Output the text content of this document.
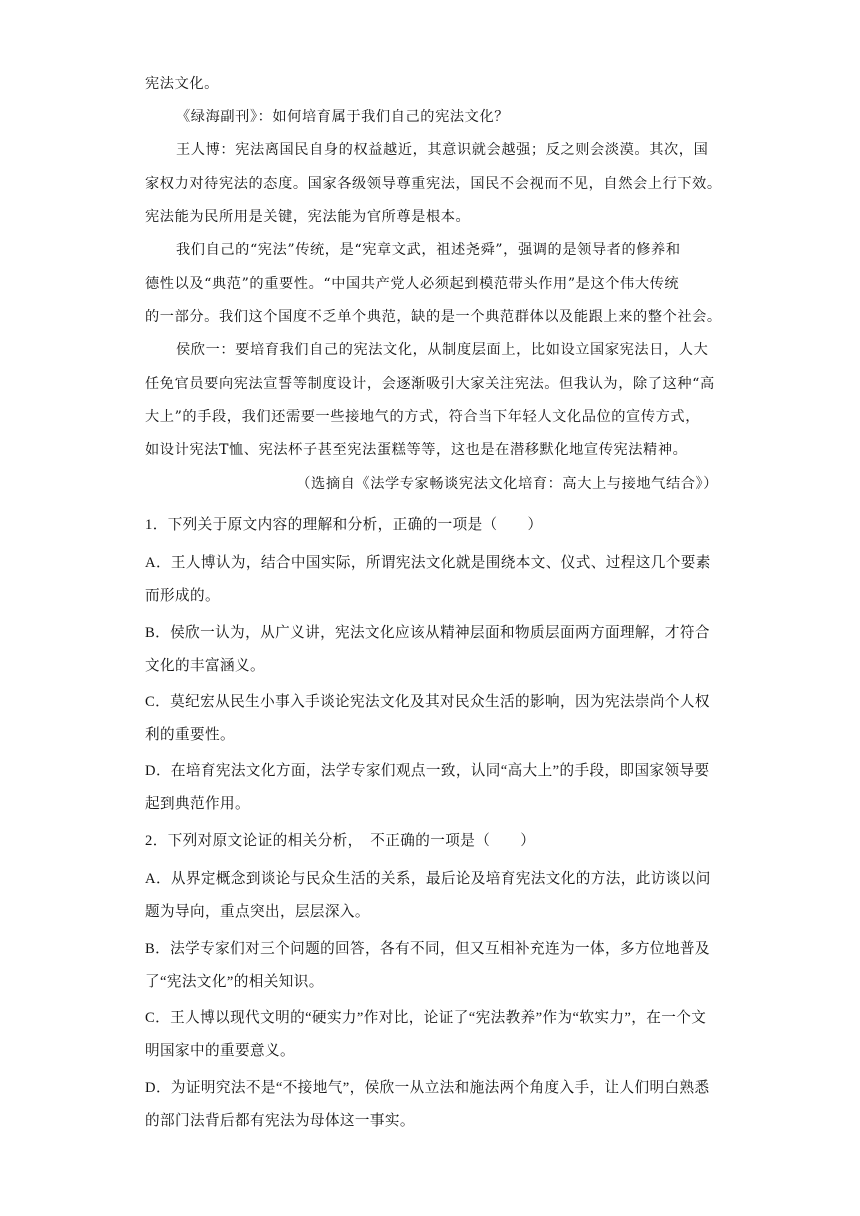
宪法文化。
《绿海副刊》：如何培育属于我们自己的宪法文化？
王人博：宪法离国民自身的权益越近，其意识就会越强；反之则会淡漠。其次，国
家权力对待宪法的态度。国家各级领导尊重宪法，国民不会视而不见，自然会上行下效。
宪法能为民所用是关键，宪法能为官所尊是根本。
我们自己的“宪法”传统，是“宪章文武，祖述尧舜”，强调的是领导者的修养和
德性以及“典范”的重要性。“中国共产党人必须起到模范带头作用”是这个伟大传统
的一部分。我们这个国度不乏单个典范，缺的是一个典范群体以及能跟上来的整个社会。
侯欣一：要培育我们自己的宪法文化，从制度层面上，比如设立国家宪法日，人大
任免官员要向宪法宣誓等制度设计，会逐渐吸引大家关注宪法。但我认为，除了这种“高
大上”的手段，我们还需要一些接地气的方式，符合当下年轻人文化品位的宣传方式，
如设计宪法T恤、宪法杯子甚至宪法蛋糕等等，这也是在潜移默化地宣传宪法精神。
（选摘自《法学专家畅谈宪法文化培育：高大上与接地气结合》）
1．下列关于原文内容的理解和分析，正确的一项是（　　）
A．王人博认为，结合中国实际，所谓宪法文化就是围绕本文、仪式、过程这几个要素
而形成的。
B．侯欣一认为，从广义讲，宪法文化应该从精神层面和物质层面两方面理解，才符合
文化的丰富涵义。
C．莫纪宏从民生小事入手谈论宪法文化及其对民众生活的影响，因为宪法崇尚个人权
利的重要性。
D．在培育宪法文化方面，法学专家们观点一致，认同“高大上”的手段，即国家领导要
起到典范作用。
2．下列对原文论证的相关分析，　不正确的一项是（　　）
A．从界定概念到谈论与民众生活的关系，最后论及培育宪法文化的方法，此访谈以问
题为导向，重点突出，层层深入。
B．法学专家们对三个问题的回答，各有不同，但又互相补充连为一体，多方位地普及
了“宪法文化”的相关知识。
C．王人博以现代文明的“硬实力”作对比，论证了“宪法教养”作为“软实力”，在一个文
明国家中的重要意义。
D．为证明究法不是“不接地气”，侯欣一从立法和施法两个角度入手，让人们明白熟悉
的部门法背后都有宪法为母体这一事实。
